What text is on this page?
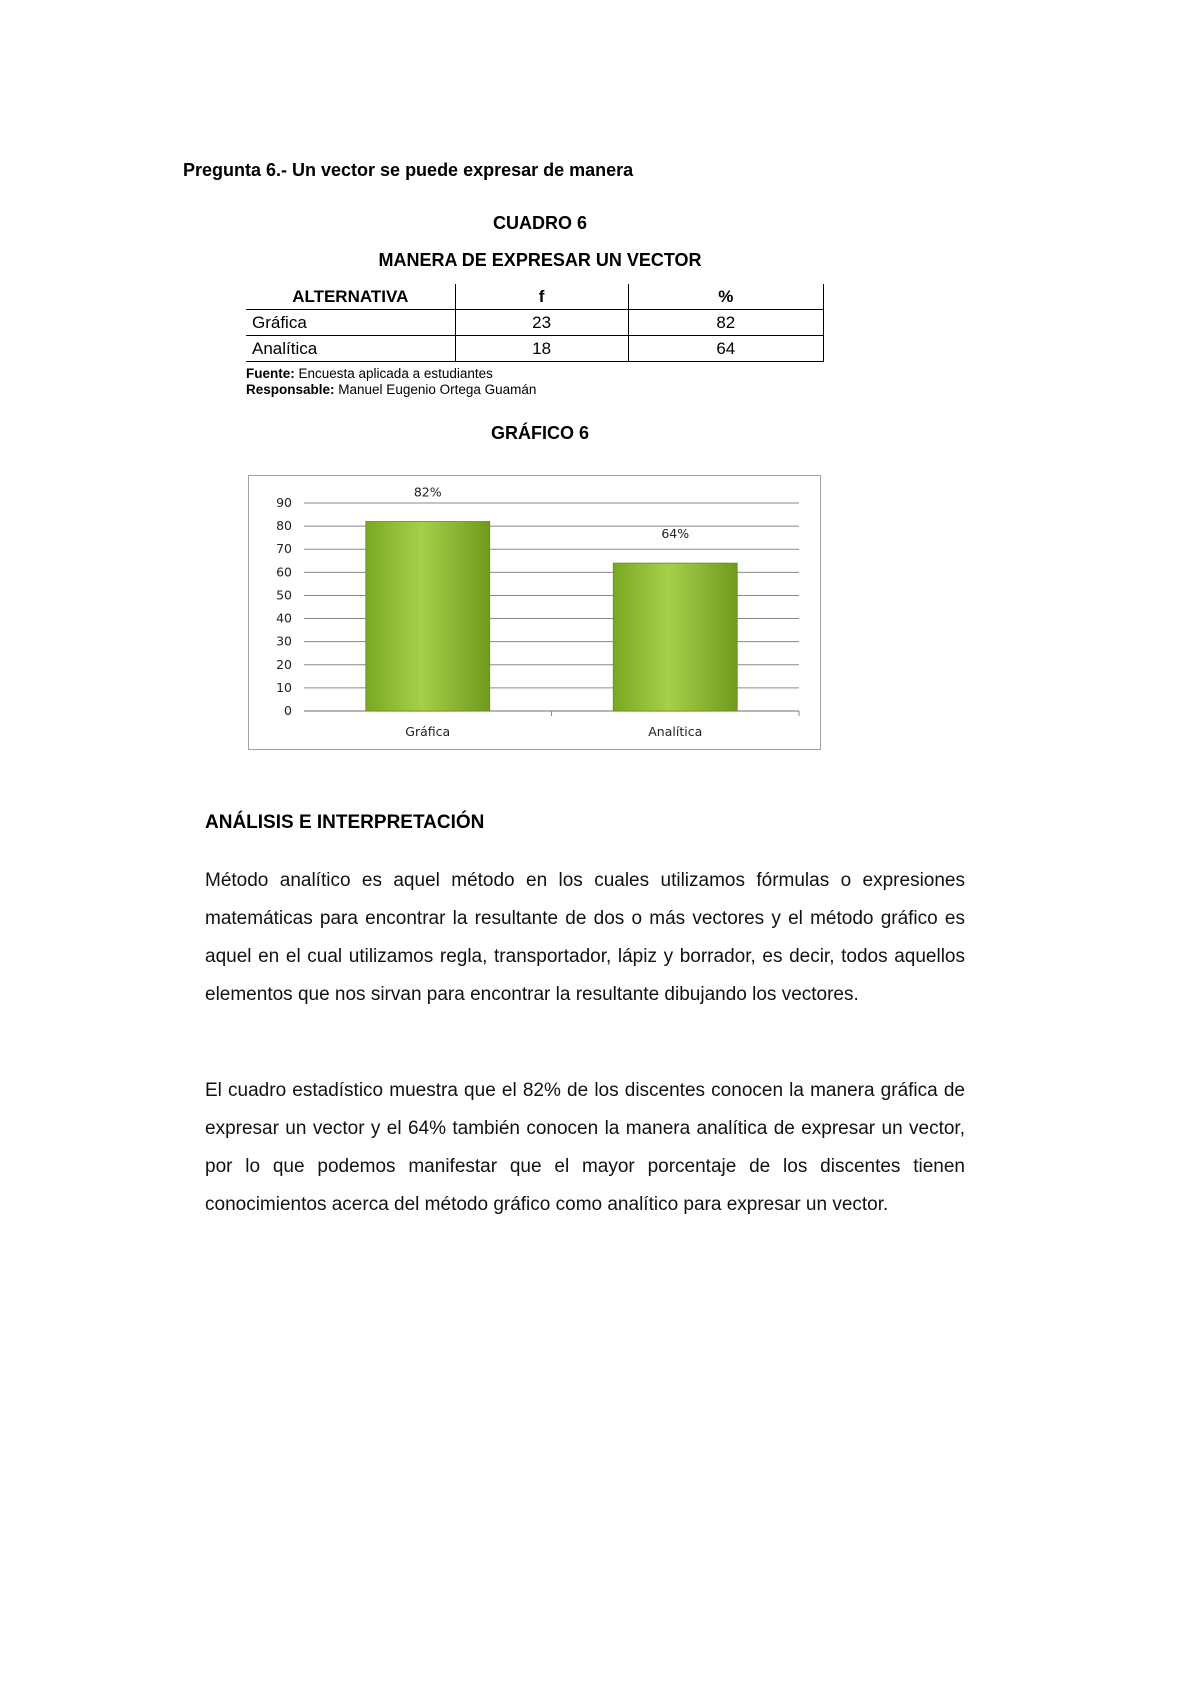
Pregunta 6.- Un vector se puede expresar de manera
CUADRO 6
MANERA DE EXPRESAR UN VECTOR
ALTERNATIVA	f	%
Gráfica	23	82
Analítica	18	64
Fuente: Encuesta aplicada a estudiantes
Responsable: Manuel Eugenio Ortega Guamán
GRÁFICO 6
0
10
20
30
40
50
60
70
80
90
Gráfica
82%
Analítica
64%
ANÁLISIS E INTERPRETACIÓN
Método analítico es aquel método en los cuales utilizamos fórmulas o expresiones matemáticas para encontrar la resultante de dos o más vectores y el método gráfico es aquel en el cual utilizamos regla, transportador, lápiz y borrador, es decir, todos aquellos elementos que nos sirvan para encontrar la resultante dibujando los vectores.
El cuadro estadístico muestra que el 82% de los discentes conocen la manera gráfica de expresar un vector y el 64% también conocen la manera analítica de expresar un vector, por lo que podemos manifestar que el mayor porcentaje de los discentes tienen conocimientos acerca del método gráfico como analítico para expresar un vector.
